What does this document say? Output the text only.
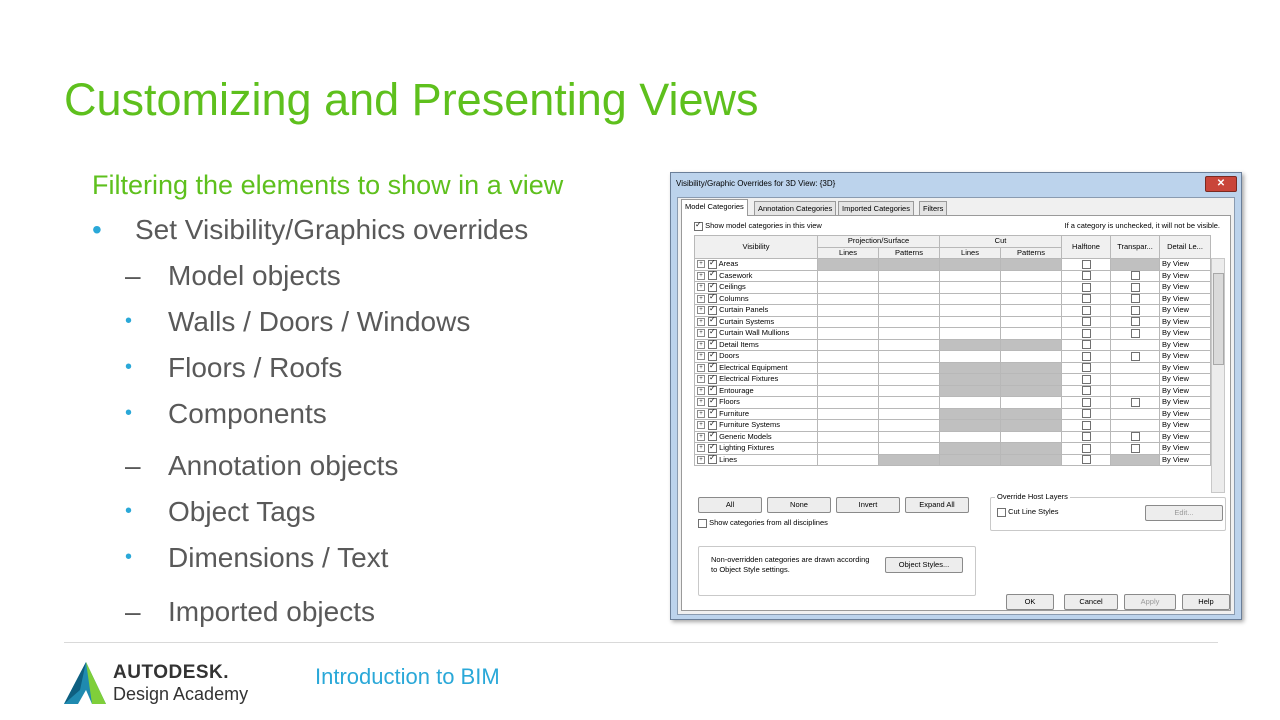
Customizing and Presenting Views
Filtering the elements to show in a view
• Set Visibility/Graphics overrides
– Model objects
• Walls / Doors / Windows
• Floors / Roofs
• Components
– Annotation objects
• Object Tags
• Dimensions / Text
– Imported objects
Visibility/Graphic Overrides for 3D View: {3D}	✕
Model Categories	Annotation Categories	Imported Categories	Filters
✓ Show model categories in this view	If a category is unchecked, it will not be visible.
Visibility	Projection/Surface		Cut		Halftone	Transpar...	Detail Le...
	Lines	Patterns	Lines	Patterns			
+ ✓ Areas							By View
+ ✓ Casework							By View
+ ✓ Ceilings							By View
+ ✓ Columns							By View
+ ✓ Curtain Panels							By View
+ ✓ Curtain Systems							By View
+ ✓ Curtain Wall Mullions							By View
+ ✓ Detail Items							By View
+ ✓ Doors							By View
+ ✓ Electrical Equipment							By View
+ ✓ Electrical Fixtures							By View
+ ✓ Entourage							By View
+ ✓ Floors							By View
+ ✓ Furniture							By View
+ ✓ Furniture Systems							By View
+ ✓ Generic Models							By View
+ ✓ Lighting Fixtures							By View
+ ✓ Lines							By View
All	None	Invert	Expand All
Show categories from all disciplines
Override Host Layers
Cut Line Styles	Edit...
Non-overridden categories are drawn according
to Object Style settings.
Object Styles...
OK	Cancel	Apply	Help
AUTODESK.
Design Academy
Introduction to BIM
